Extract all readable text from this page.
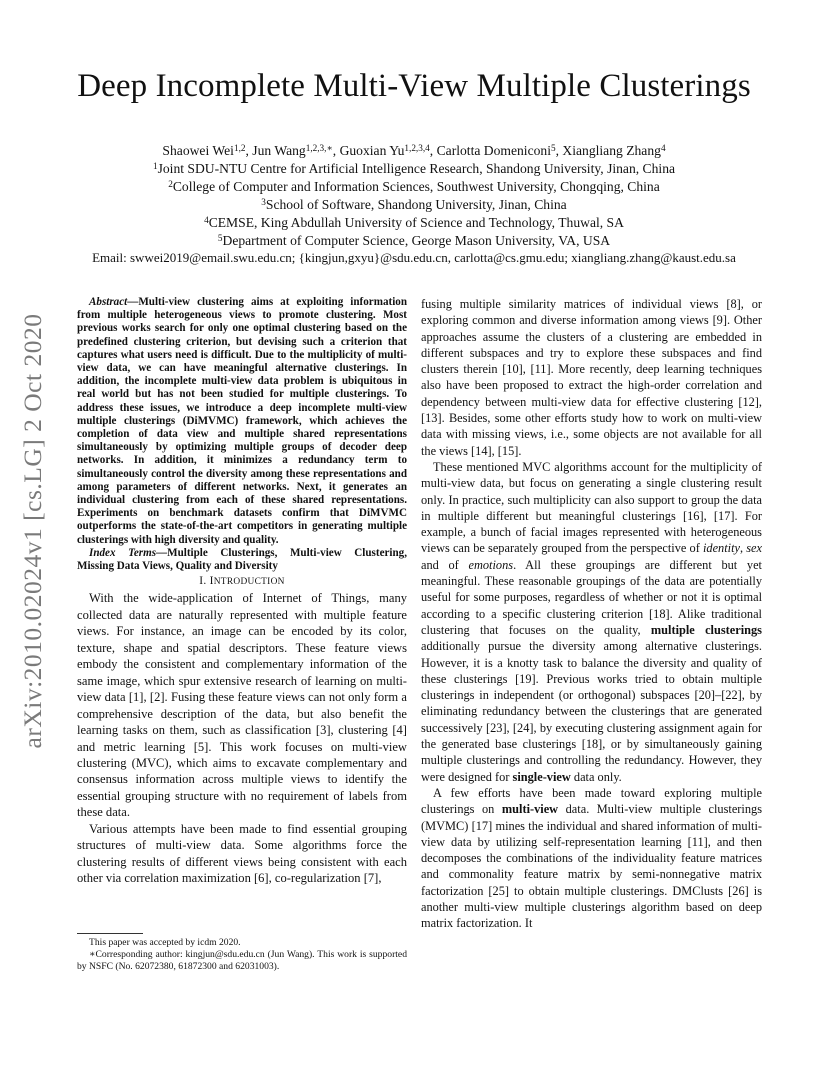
Deep Incomplete Multi-View Multiple Clusterings
Shaowei Wei$^{1,2}$, Jun Wang$^{1,2,3,∗}$, Guoxian Yu$^{1,2,3,4}$, Carlotta Domeniconi$^5$, Xiangliang Zhang$^4$
$^1$Joint SDU-NTU Centre for Artificial Intelligence Research, Shandong University, Jinan, China
$^2$College of Computer and Information Sciences, Southwest University, Chongqing, China
$^3$School of Software, Shandong University, Jinan, China
$^4$CEMSE, King Abdullah University of Science and Technology, Thuwal, SA
$^5$Department of Computer Science, George Mason University, VA, USA
Email: swwei2019@email.swu.edu.cn; {kingjun,gxyu}@sdu.edu.cn, carlotta@cs.gmu.edu; xiangliang.zhang@kaust.edu.sa
arXiv:2010.02024v1 [cs.LG] 2 Oct 2020

Abstract—Multi-view clustering aims at exploiting information from multiple heterogeneous views to promote clustering. Most previous works search for only one optimal clustering based on the predefined clustering criterion, but devising such a criterion that captures what users need is difficult. Due to the multiplicity of multi-view data, we can have meaningful alternative clusterings. In addition, the incomplete multi-view data problem is ubiquitous in real world but has not been studied for multiple clusterings. To address these issues, we introduce a deep incomplete multi-view multiple clusterings (DiMVMC) framework, which achieves the completion of data view and multiple shared representations simultaneously by optimizing multiple groups of decoder deep networks. In addition, it minimizes a redundancy term to simultaneously control the diversity among these representations and among parameters of different networks. Next, it generates an individual clustering from each of these shared representations. Experiments on benchmark datasets confirm that DiMVMC outperforms the state-of-the-art competitors in generating multiple clusterings with high diversity and quality.

Index Terms—Multiple Clusterings, Multi-view Clustering, Missing Data Views, Quality and Diversity

I. INTRODUCTION

With the wide-application of Internet of Things, many collected data are naturally represented with multiple feature views. For instance, an image can be encoded by its color, texture, shape and spatial descriptors. These feature views embody the consistent and complementary information of the same image, which spur extensive research of learning on multi-view data [1], [2]. Fusing these feature views can not only form a comprehensive description of the data, but also benefit the learning tasks on them, such as classification [3], clustering [4] and metric learning [5]. This work focuses on multi-view clustering (MVC), which aims to excavate complementary and consensus information across multiple views to identify the essential grouping structure with no requirement of labels from these data.

Various attempts have been made to find essential grouping structures of multi-view data. Some algorithms force the clustering results of different views being consistent with each other via correlation maximization [6], co-regularization [7],

This paper was accepted by icdm 2020.

∗Corresponding author: kingjun@sdu.edu.cn (Jun Wang). This work is supported by NSFC (No. 62072380, 61872300 and 62031003).

fusing multiple similarity matrices of individual views [8], or exploring common and diverse information among views [9]. Other approaches assume the clusters of a clustering are embedded in different subspaces and try to explore these subspaces and find clusters therein [10], [11]. More recently, deep learning techniques also have been proposed to extract the high-order correlation and dependency between multi-view data for effective clustering [12], [13]. Besides, some other efforts study how to work on multi-view data with missing views, i.e., some objects are not available for all the views [14], [15].

These mentioned MVC algorithms account for the multiplicity of multi-view data, but focus on generating a single clustering result only. In practice, such multiplicity can also support to group the data in multiple different but meaningful clusterings [16], [17]. For example, a bunch of facial images represented with heterogeneous views can be separately grouped from the perspective of identity, sex and of emotions. All these groupings are different but yet meaningful. These reasonable groupings of the data are potentially useful for some purposes, regardless of whether or not it is optimal according to a specific clustering criterion [18]. Alike traditional clustering that focuses on the quality, multiple clusterings additionally pursue the diversity among alternative clusterings. However, it is a knotty task to balance the diversity and quality of these clusterings [19]. Previous works tried to obtain multiple clusterings in independent (or orthogonal) subspaces [20]–[22], by eliminating redundancy between the clusterings that are generated successively [23], [24], by executing clustering assignment again for the generated base clusterings [18], or by simultaneously gaining multiple clusterings and controlling the redundancy. However, they were designed for single-view data only.

A few efforts have been made toward exploring multiple clusterings on multi-view data. Multi-view multiple clusterings (MVMC) [17] mines the individual and shared information of multi-view data by utilizing self-representation learning [11], and then decomposes the combinations of the individuality feature matrices and commonality feature matrix by semi-nonnegative matrix factorization [25] to obtain multiple clusterings. DMClusts [26] is another multi-view multiple clusterings algorithm based on deep matrix factorization. It
